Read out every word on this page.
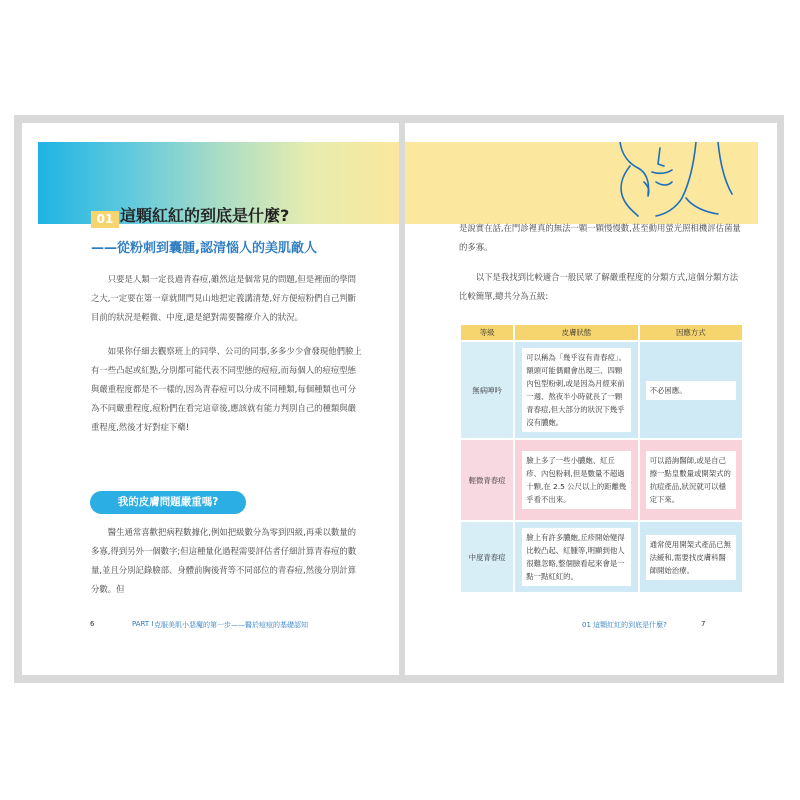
01 這顆紅紅的到底是什麼?
——從粉刺到囊腫,認清惱人的美肌敵人

只要是人類一定長過青春痘,雖然這是個常見的問題,但是裡面的學問之大,一定要在第一章就開門見山地把定義講清楚,好方便痘粉們自己判斷目前的狀況是輕微、中度,還是絕對需要醫療介入的狀況。

如果你仔細去觀察班上的同學、公司的同事,多多少少會發現他們臉上有一些凸起或紅點,分別都可能代表不同型態的痘痘,而每個人的痘痘型態與嚴重程度都是不一樣的,因為青春痘可以分成不同種類,每個種類也可分為不同嚴重程度,痘粉們在看完這章後,應該就有能力判別自己的種類與嚴重程度,然後才好對症下藥!

我的皮膚問題嚴重嗎?

醫生通常喜歡把病程數據化,例如把級數分為零到四級,再乘以數量的多寡,得到另外一個數字;但這種量化過程需要評估者仔細計算青春痘的數量,並且分別記錄臉部、身體前胸後背等不同部位的青春痘,然後分別計算分數。但

6	PART I 克服美肌小惡魔的第一步——醫於痘痘的基礎認知

是說實在話,在門診裡真的無法一顆一顆慢慢數,甚至動用螢光照相機評估菌量的多寡。

以下是我找到比較適合一般民眾了解嚴重程度的分類方式,這個分類方法比較簡單,總共分為五級:

等級	皮膚狀態	因應方式
無病呻吟	可以稱為「幾乎沒有青春痘」。額頭可能偶爾會出現三、四顆內包型粉刺,或是因為月經來前一週、熬夜半小時就長了一顆青春痘,但大部分的狀況下幾乎沒有膿皰。	不必困應。

輕微青春痘	臉上多了一些小膿皰、紅丘疹、內包粉刺,但是數量不超過十顆,在 2.5 公尺以上的距離幾乎看不出來。	可以諮詢醫師,或是自己擦一點皇數量或開架式的抗痘產品,狀況就可以穩定下來。

中度青春痘	臉上有許多膿皰,丘疹開始變得比較凸起、紅腫等,明顯到他人很難忽略,整個臉看起來會是一點一點紅紅的。	通常使用開架式產品已無法緩和,需要找皮膚科醫師開始治療。
01 這顆紅紅的到底是什麼?	7
